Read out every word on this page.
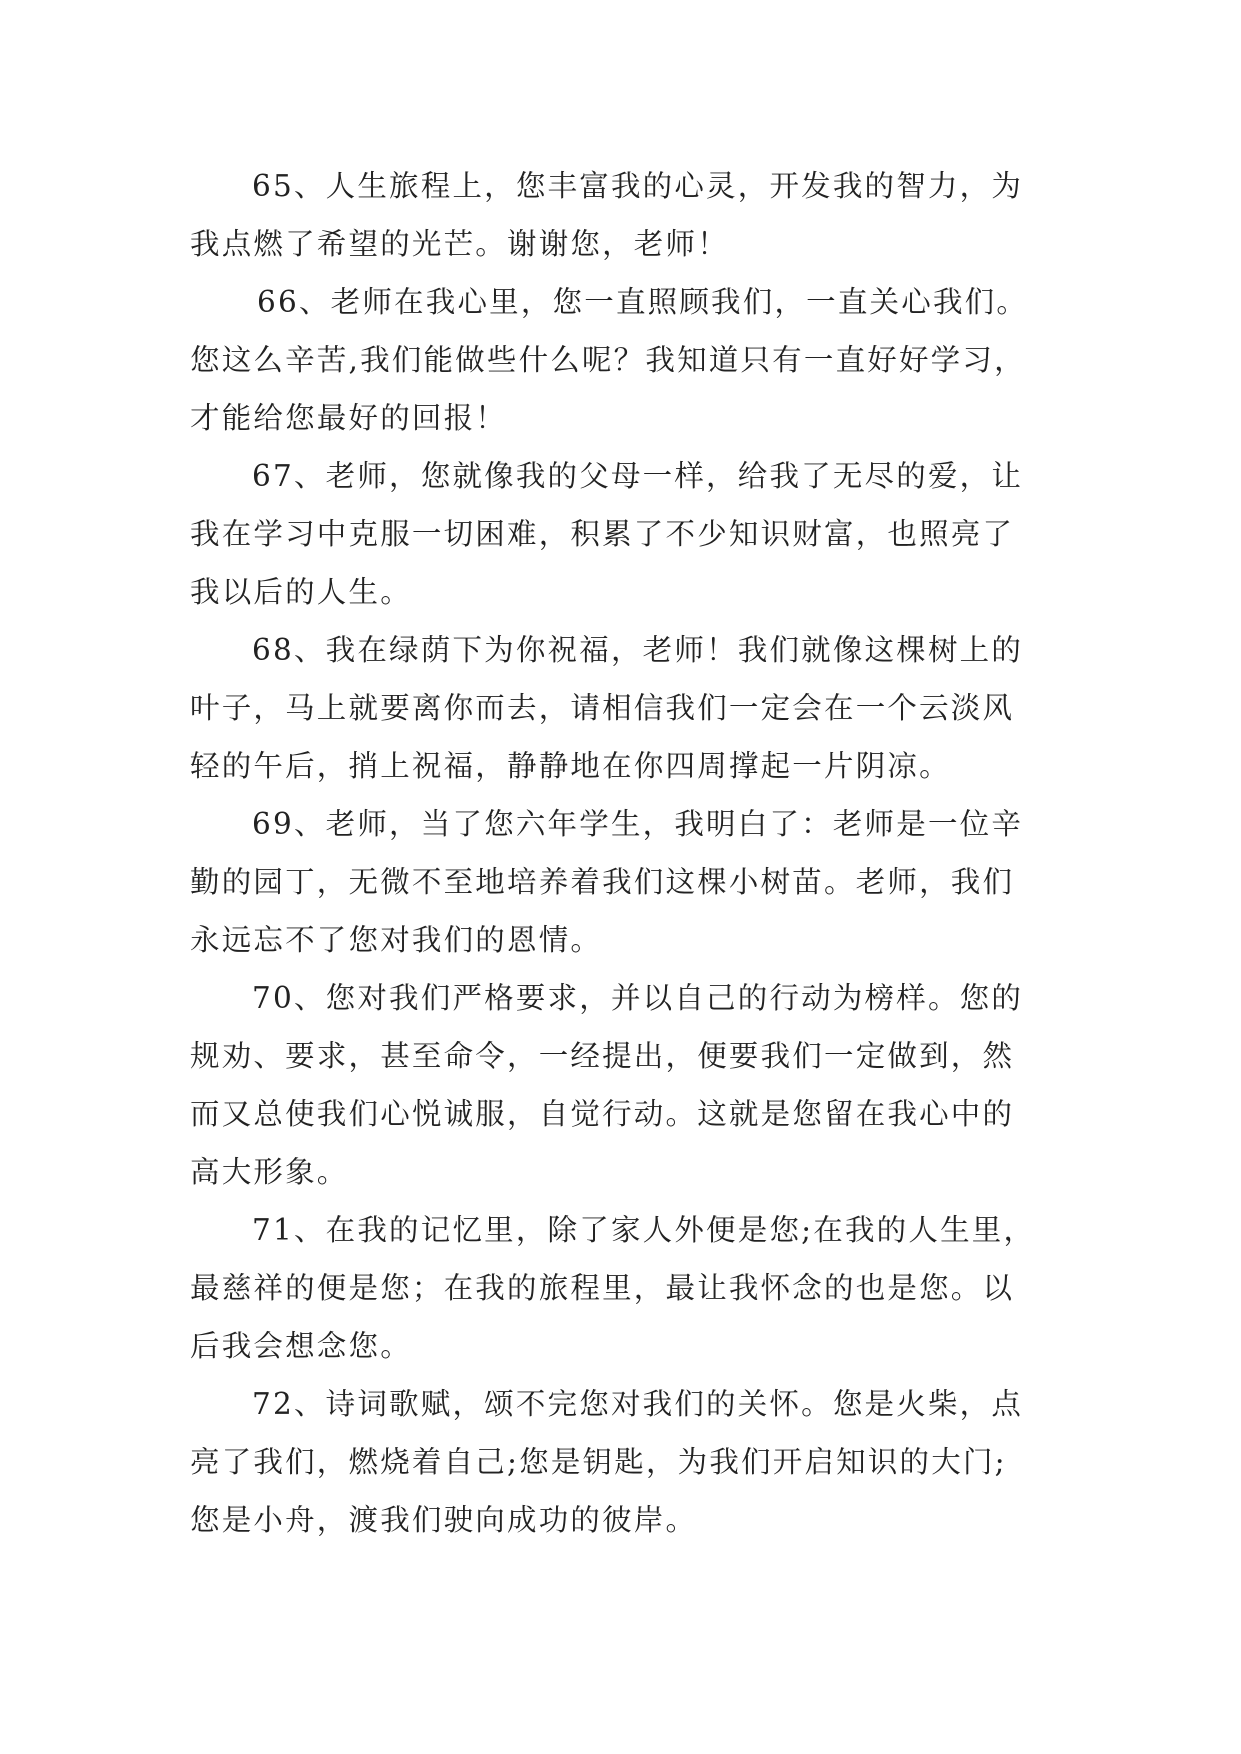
65、人生旅程上，您丰富我的心灵，开发我的智力，为
我点燃了希望的光芒。谢谢您，老师！
66、老师在我心里，您一直照顾我们，一直关心我们。
您这么辛苦,我们能做些什么呢？我知道只有一直好好学习，
才能给您最好的回报！
67、老师，您就像我的父母一样，给我了无尽的爱，让
我在学习中克服一切困难，积累了不少知识财富，也照亮了
我以后的人生。
68、我在绿荫下为你祝福，老师！我们就像这棵树上的
叶子，马上就要离你而去，请相信我们一定会在一个云淡风
轻的午后，捎上祝福，静静地在你四周撑起一片阴凉。
69、老师，当了您六年学生，我明白了：老师是一位辛
勤的园丁，无微不至地培养着我们这棵小树苗。老师，我们
永远忘不了您对我们的恩情。
70、您对我们严格要求，并以自己的行动为榜样。您的
规劝、要求，甚至命令，一经提出，便要我们一定做到，然
而又总使我们心悦诚服，自觉行动。这就是您留在我心中的
高大形象。
71、在我的记忆里，除了家人外便是您;在我的人生里，
最慈祥的便是您；在我的旅程里，最让我怀念的也是您。以
后我会想念您。
72、诗词歌赋，颂不完您对我们的关怀。您是火柴，点
亮了我们，燃烧着自己;您是钥匙，为我们开启知识的大门;
您是小舟，渡我们驶向成功的彼岸。
